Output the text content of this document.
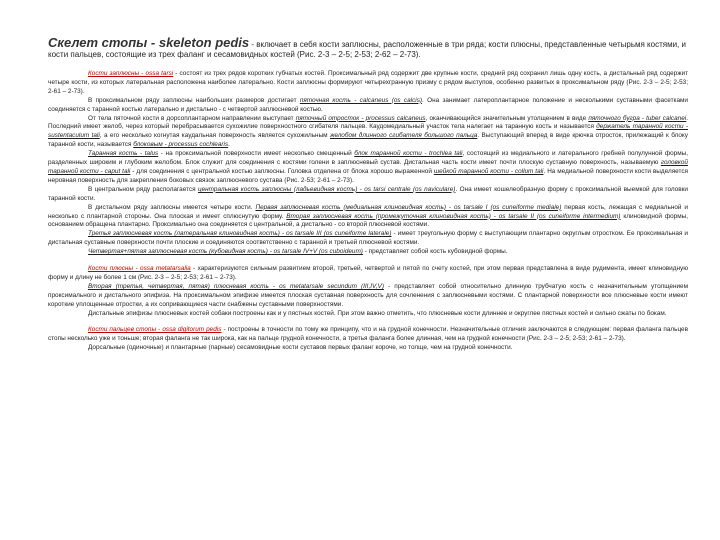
Скелет стопы - skeleton pedis - включает в себя кости заплюсны, расположенные в три ряда; кости плюсны, представленные четырьмя костями, и кости пальцев, состоящие из трех фаланг и сесамовидных костей (Рис. 2-3 – 2-5; 2-53; 2-62 – 2-73).

Кости заплюсны - ossa tarsi - состоят из трех рядов коротких губчатых костей. Проксимальный ряд содержит две крупные кости, средний ряд сохранил лишь одну кость, а дистальный ряд содержит четыре кости, из которых латеральная расположена наиболее латерально. Кости заплюсны формируют четырехгранную призму с рядом выступов, особенно развитых в проксимальном ряду (Рис. 2-3 – 2-5; 2-53; 2-61 – 2-73).

В проксимальном ряду заплюсны наибольших размеров достигает пяточная кость - calcaneus (os calcis). Она занимает латероплантарное положение и несколькими суставными фасетками соединяется с таранной костью латерально и дистально - с четвертой заплюсневой костью.

От тела пяточной кости в дорсоплантарном направлении выступает пяточный отросток - processus calcaneus, оканчивающийся значительным утолщением в виде пяточного бугра - tuber calcanei. Последний имеет желоб, через который перебрасывается сухожилие поверхностного сгибателя пальцев. Каудомедиальный участок тела налегает на таранную кость и называется держатель таранной кости - sustentaculum tali, а его несколько когнутая каудальная поверхность является сухожильным желобом длинного сгибателя большого пальца. Выступающий вперед в виде крючка отросток, прилежащий к блоку таранной кости, называется блоковым - processus cochlearis.

Таранная кость - talus - на проксимальной поверхности имеет несколько смещенный блок таранной кости - trochlea tali, состоящий из медиального и латерального гребней полулунной формы, разделенных широким и глубоким желобом. Блок служит для соединения с костями голени в заплюсневый сустав. Дистальная часть кости имеет почти плоскую суставную поверхность, называемую головкой таранной кости - caput tali - для соединения с центральной костью заплюсны. Головка отделена от блока хорошо выраженной шейкой таранной кости - collum tali. На медиальной поверхности кости выделяется неровная поверхность для закрепления боковых связок заплюсневого сустава (Рис. 2-53; 2-61 – 2-73).

В центральном ряду располагается центральная кость заплюсны (ладьевидная кость) - os tarsi centrale (os naviculare). Она имеет кошелеобразную форму с проксимальной выемкой для головки таранной кости.

В дистальном ряду заплюсны имеется четыре кости. Первая заплюсневая кость (медиальная клиновидная кость) - os tarsale I (os cuneiforme mediale) первая кость, лежащая с медиальной и несколько с плантарной стороны. Она плоская и имеет сплюснутую форму. Вторая заплюсневая кость (промежуточная клиновидная кость) - os tarsale II (os cuneiforme intermedium) клиновидной формы, основанием обращена плантарно. Проксимально она соединяется с центральной, а дистально - со второй плюсневой костями.

Третья заплюсневая кость (латеральная клиновидная кость) - os tarsale III (os cuneiforme laterale) - имеет треугольную форму с выступающим плантарно округлым отростком. Ее проксимальная и дистальная суставные поверхности почти плоские и соединяются соответственно с таранной и третьей плюсневой костями.

Четвертая+пятая заплюсневая кость (кубовидная кость) - os tarsale IV+V (os cuboideum) - представляет собой кость кубовидной формы.

Кости плюсны - ossa metatarsalia - характеризуются сильным развитием второй, третьей, четвертой и пятой по счету костей, при этом первая представлена в виде рудимента, имеет клиновидную форму и длину не более 1 см (Рис. 2-3 – 2-5; 2-53; 2-61 – 2-73).

Вторая (третья, четвертая, пятая) плюсневая кость - os metatarsale secundum (III,IV,V) - представляет собой относительно длинную трубчатую кость с незначительным утолщением проксимального и дистального эпифиза. На проксимальном эпифизе имеется плоская суставная поверхность для сочленения с заплюсневыми костями. С плантарной поверхности все плюсневые кости имеют короткие уплощенные отростки, а их сопривающиеся части снабжены суставными поверхностями.

Дистальные эпифизы плюсневых костей собаки построены как и у пястных костей. При этом важно отметить, что плюсневые кости длиннее и округлее пястных костей и сильно сжаты по бокам.

Кости пальцев стопы - ossa digitorum pedis - построены в точности по тому же принципу, что и на грудной конечности. Незначительные отличия заключаются в следующем: первая фаланга пальцев стопы несколько уже и тоньше; вторая фаланга не так широка, как на пальце грудной конечности, а третья фаланга более длинная, чем на грудной конечности (Рис. 2-3 – 2-5; 2-53; 2-61 – 2-73).

Дорсальные (одиночные) и плантарные (парные) сесамовидные кости суставов первых фаланг короче, но толще, чем на грудной конечности.
